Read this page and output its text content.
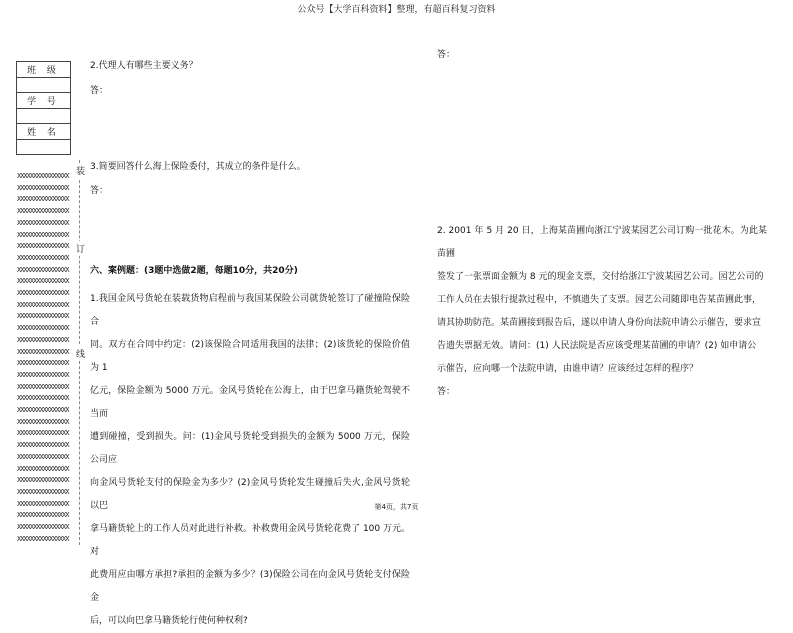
公众号【大学百科资料】整理，有超百科复习资料
班 级

学 号

姓 名

XXXXXXXXXXXXXXXX
XXXXXXXXXXXXXXXX
XXXXXXXXXXXXXXXX
XXXXXXXXXXXXXXXX
XXXXXXXXXXXXXXXX
XXXXXXXXXXXXXXXX
XXXXXXXXXXXXXXXX
XXXXXXXXXXXXXXXX
XXXXXXXXXXXXXXXX
XXXXXXXXXXXXXXXX
XXXXXXXXXXXXXXXX
XXXXXXXXXXXXXXXX
XXXXXXXXXXXXXXXX
XXXXXXXXXXXXXXXX
XXXXXXXXXXXXXXXX
XXXXXXXXXXXXXXXX
XXXXXXXXXXXXXXXX
XXXXXXXXXXXXXXXX
XXXXXXXXXXXXXXXX
XXXXXXXXXXXXXXXX
XXXXXXXXXXXXXXXX
XXXXXXXXXXXXXXXX
XXXXXXXXXXXXXXXX
XXXXXXXXXXXXXXXX
XXXXXXXXXXXXXXXX
XXXXXXXXXXXXXXXX
XXXXXXXXXXXXXXXX
XXXXXXXXXXXXXXXX
XXXXXXXXXXXXXXXX
XXXXXXXXXXXXXXXX
XXXXXXXXXXXXXXXX
XXXXXXXXXXXXXXXX
装
订
线
2.代理人有哪些主要义务？
答：
3.简要回答什么海上保险委付，其成立的条件是什么。
答：
六、案例题：(3题中选做2题，每题10分，共20分)
1.我国金风号货轮在装载货物启程前与我国某保险公司就货轮签订了碰撞险保险合
同。双方在合同中约定：(2)该保险合同适用我国的法律；(2)该货轮的保险价值为 1
亿元，保险金额为 5000 万元。金风号货轮在公海上，由于巴拿马籍货轮驾驶不当而
遭到碰撞，受到损失。问：(1)金风号货轮受到损失的金额为 5000 万元，保险公司应
向金风号货轮支付的保险金为多少？(2)金风号货轮发生碰撞后失火,金风号货轮以巴
拿马籍货轮上的工作人员对此进行补救。补救费用金风号货轮花费了 100 万元。对
此费用应由哪方承担?承担的金额为多少？(3)保险公司在向金风号货轮支付保险金
后，可以向巴拿马籍货轮行使何种权利?
答：
2. 2001 年 5 月 20 日，上海某苗圃向浙江宁波某园艺公司订购一批花木。为此某苗圃
签发了一张票面金额为 8 元的现金支票，交付给浙江宁波某园艺公司。园艺公司的
工作人员在去银行提款过程中，不慎遗失了支票。园艺公司随即电告某苗圃此事，
请其协助防范。某苗圃接到报告后，遂以申请人身份向法院申请公示催告，要求宣
告遗失票据无效。请问：(1) 人民法院是否应该受理某苗圃的申请？(2) 如申请公
示催告，应向哪一个法院申请，由谁申请？应该经过怎样的程序？
答：
第4页，共7页
